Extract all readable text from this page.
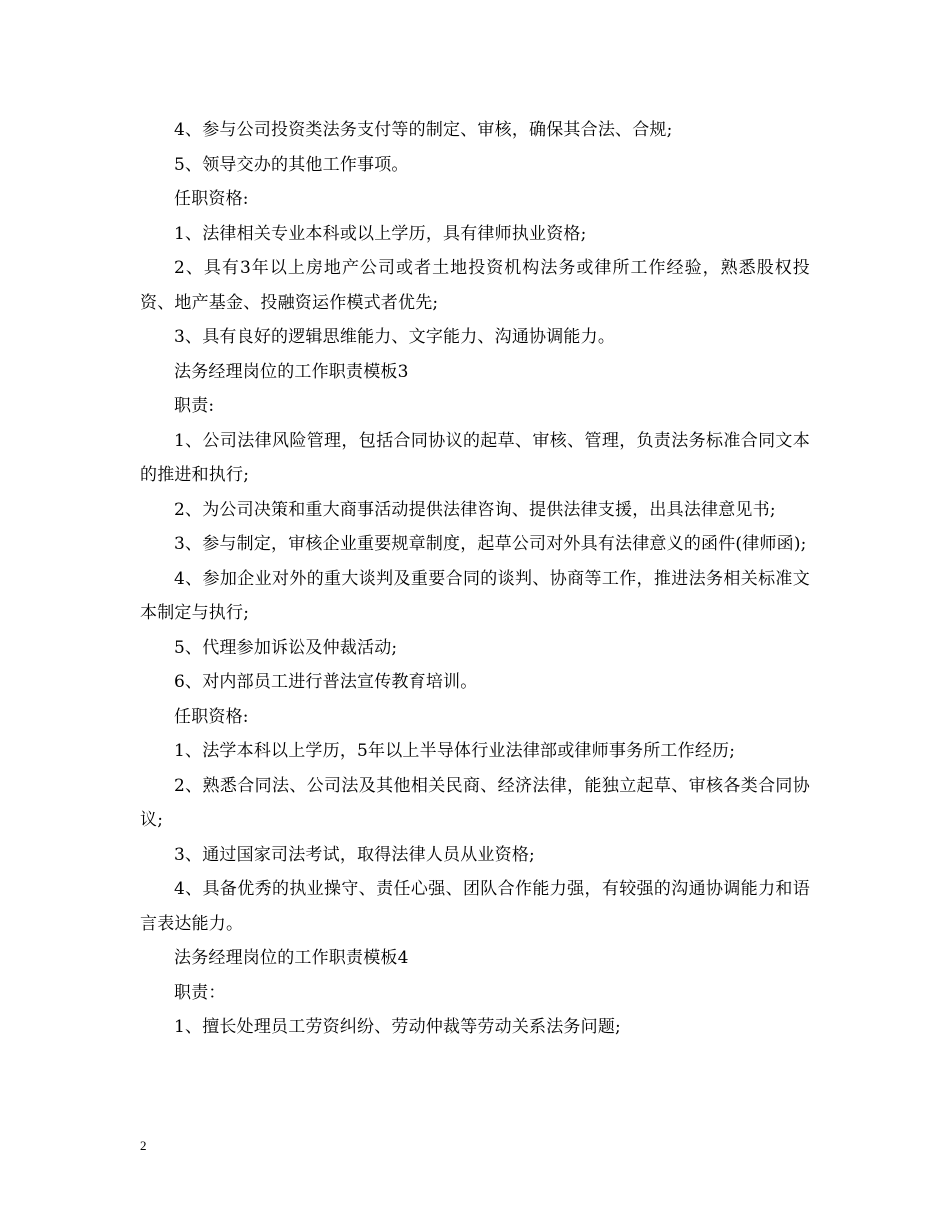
4、参与公司投资类法务支付等的制定、审核，确保其合法、合规;

5、领导交办的其他工作事项。

任职资格:

1、法律相关专业本科或以上学历，具有律师执业资格;

2、具有3年以上房地产公司或者土地投资机构法务或律所工作经验，熟悉股权投资、地产基金、投融资运作模式者优先;

3、具有良好的逻辑思维能力、文字能力、沟通协调能力。

法务经理岗位的工作职责模板3

职责:

1、公司法律风险管理，包括合同协议的起草、审核、管理，负责法务标准合同文本的推进和执行;

2、为公司决策和重大商事活动提供法律咨询、提供法律支援，出具法律意见书;

3、参与制定，审核企业重要规章制度，起草公司对外具有法律意义的函件(律师函);

4、参加企业对外的重大谈判及重要合同的谈判、协商等工作，推进法务相关标准文本制定与执行;

5、代理参加诉讼及仲裁活动;

6、对内部员工进行普法宣传教育培训。

任职资格:

1、法学本科以上学历，5年以上半导体行业法律部或律师事务所工作经历;

2、熟悉合同法、公司法及其他相关民商、经济法律，能独立起草、审核各类合同协议;

3、通过国家司法考试，取得法律人员从业资格;

4、具备优秀的执业操守、责任心强、团队合作能力强，有较强的沟通协调能力和语言表达能力。

法务经理岗位的工作职责模板4

职责：

1、擅长处理员工劳资纠纷、劳动仲裁等劳动关系法务问题;

2
